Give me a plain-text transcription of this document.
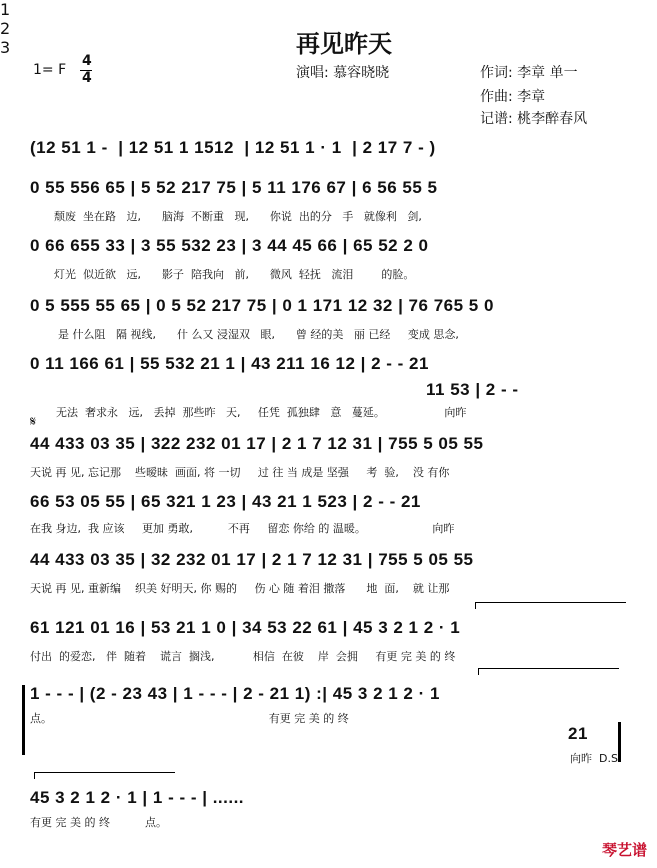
再见昨天
1= F
4
4	演唱: 慕容晓晓	作词: 李章 单一
作曲: 李章
记谱: 桃李醉春风
(12 51 1 -  | 12 51 1 1512  | 12 51 1 · 1  | 2 17 7 - )
0 55 556 65 | 5 52 217 75 | 5 11 176 67 | 6 56 55 5
颓废  坐在路   边,      脑海  不断重   现,      你说  出的分   手   就像利   剑,
0 66 655 33 | 3 55 532 23 | 3 44 45 66 | 65 52 2 0
灯光  似近欲   远,      影子  陪我向   前,      微风  轻抚   流泪        的脸。
0 5 555 55 65 | 0 5 52 217 75 | 0 1 171 12 32 | 76 765 5 0
是 什么阻   隔 视线,      什 么又 浸湿双   眼,      曾 经的美   丽 已经     变成 思念,
0 11 166 61 | 55 532 21 1 | 43 211 16 12 | 2 - - 21
11 53 | 2 - -
无法  奢求永   远,   丢掉  那些昨   天,     任凭  孤独肆   意   蔓延。                 向昨
𝄋
44 433 03 35 | 322 232 01 17 | 2 1 7 12 31 | 755 5 05 55
天说 再 见, 忘记那    些暧昧  画面, 将 一切     过 往 当 成是 坚强     考  验,    没 有你
66 53 05 55 | 65 321 1 23 | 43 21 1 523 | 2 - - 21
在我 身边,  我 应该     更加 勇敢,          不再     留恋 你给 的 温暖。                   向昨
44 433 03 35 | 32 232 01 17 | 2 1 7 12 31 | 755 5 05 55
天说 再 见, 重新编    织美 好明天, 你 赐的     伤 心 随 着泪 撒落      地  面,    就 让那
1
61 121 01 16 | 53 21 1 0 | 34 53 22 61 | 45 3 2 1 2 · 1
付出  的爱恋,   伴  随着    谎言  搁浅,           相信  在彼    岸  会拥     有更 完 美 的 终
2
1 - - - | (2 - 23 43 | 1 - - - | 2 - 21 1) :| 45 3 2 1 2 · 1
点。                                                              有更 完 美 的 终
21
向昨  D.S
3
45 3 2 1 2 · 1 | 1 - - - | ......
有更 完 美 的 终          点。
琴艺谱
